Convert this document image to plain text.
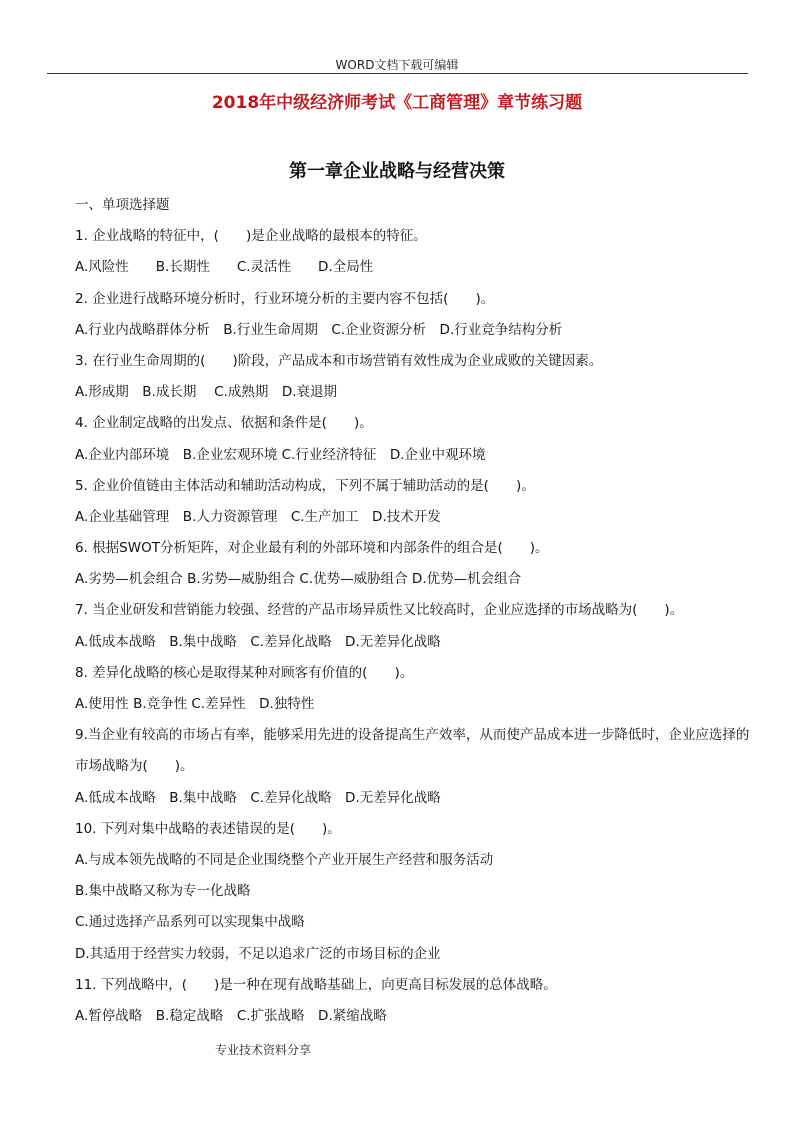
WORD文档下载可编辑
2018年中级经济师考试《工商管理》章节练习题
第一章企业战略与经营决策
一、单项选择题
1. 企业战略的特征中，(　　)是企业战略的最根本的特征。
A.风险性　　B.长期性　　C.灵活性　　D.全局性
2. 企业进行战略环境分析时，行业环境分析的主要内容不包括(　　)。
A.行业内战略群体分析　B.行业生命周期　C.企业资源分析　D.行业竞争结构分析
3. 在行业生命周期的(　　)阶段，产品成本和市场营销有效性成为企业成败的关键因素。
A.形成期　B.成长期　 C.成熟期　D.衰退期
4. 企业制定战略的出发点、依据和条件是(　　)。
A.企业内部环境　B.企业宏观环境 C.行业经济特征　D.企业中观环境
5. 企业价值链由主体活动和辅助活动构成，下列不属于辅助活动的是(　　)。
A.企业基础管理　B.人力资源管理　C.生产加工　D.技术开发
6. 根据SWOT分析矩阵，对企业最有利的外部环境和内部条件的组合是(　　)。
A.劣势—机会组合 B.劣势—威胁组合 C.优势—威胁组合 D.优势—机会组合
7. 当企业研发和营销能力较强、经营的产品市场异质性又比较高时，企业应选择的市场战略为(　　)。
A.低成本战略　B.集中战略　C.差异化战略　D.无差异化战略
8. 差异化战略的核心是取得某种对顾客有价值的(　　)。
A.使用性 B.竞争性 C.差异性　D.独特性
9.当企业有较高的市场占有率，能够采用先进的设备提高生产效率，从而使产品成本进一步降低时，企业应选择的市场战略为(　　)。
A.低成本战略　B.集中战略　C.差异化战略　D.无差异化战略
10. 下列对集中战略的表述错误的是(　　)。
A.与成本领先战略的不同是企业围绕整个产业开展生产经营和服务活动
B.集中战略又称为专一化战略
C.通过选择产品系列可以实现集中战略
D.其适用于经营实力较弱，不足以追求广泛的市场目标的企业
11. 下列战略中，(　　)是一种在现有战略基础上，向更高目标发展的总体战略。
A.暂停战略　B.稳定战略　C.扩张战略　D.紧缩战略
专业技术资料分享
